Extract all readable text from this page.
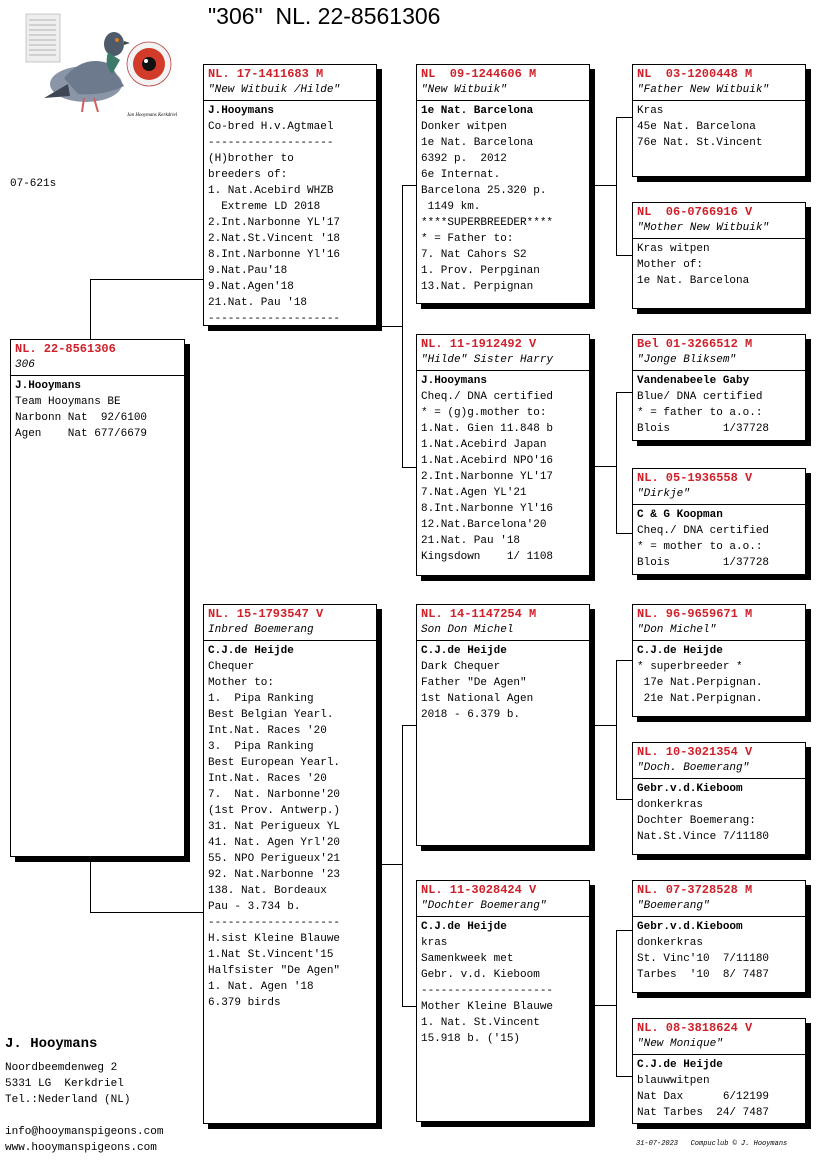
"306"  NL. 22-8561306
07-621s
Jan Hooymans Kerkdriel
NL. 22-8561306
306
J.Hooymans
Team Hooymans BE
Narbonn Nat  92/6100
Agen    Nat 677/6679
NL. 17-1411683 M
"New Witbuik /Hilde"
J.Hooymans
Co-bred H.v.Agtmael
-------------------
(H)brother to
breeders of:
1. Nat.Acebird WHZB
Extreme LD 2018
2.Int.Narbonne YL'17
2.Nat.St.Vincent '18
8.Int.Narbonne Yl'16
9.Nat.Pau'18
9.Nat.Agen'18
21.Nat. Pau '18
--------------------
NL. 15-1793547 V
Inbred Boemerang
C.J.de Heijde
Chequer
Mother to:
1.  Pipa Ranking
Best Belgian Yearl.
Int.Nat. Races '20
3.  Pipa Ranking
Best European Yearl.
Int.Nat. Races '20
7.  Nat. Narbonne'20
(1st Prov. Antwerp.)
31. Nat Perigueux YL
41. Nat. Agen Yrl'20
55. NPO Perigueux'21
92. Nat.Narbonne '23
138. Nat. Bordeaux
Pau - 3.734 b.
--------------------
H.sist Kleine Blauwe
1.Nat St.Vincent'15
Halfsister "De Agen"
1. Nat. Agen '18
6.379 birds
NL  09-1244606 M
"New Witbuik"
1e Nat. Barcelona
Donker witpen
1e Nat. Barcelona
6392 p.  2012
6e Internat.
Barcelona 25.320 p.
1149 km.
****SUPERBREEDER****
* = Father to:
7. Nat Cahors S2
1. Prov. Perpginan
13.Nat. Perpignan
NL. 11-1912492 V
"Hilde" Sister Harry
J.Hooymans
Cheq./ DNA certified
* = (g)g.mother to:
1.Nat. Gien 11.848 b
1.Nat.Acebird Japan
1.Nat.Acebird NPO'16
2.Int.Narbonne YL'17
7.Nat.Agen YL'21
8.Int.Narbonne Yl'16
12.Nat.Barcelona'20
21.Nat. Pau '18
Kingsdown    1/ 1108
NL. 14-1147254 M
Son Don Michel
C.J.de Heijde
Dark Chequer
Father "De Agen"
1st National Agen
2018 - 6.379 b.
NL. 11-3028424 V
"Dochter Boemerang"
C.J.de Heijde
kras
Samenkweek met
Gebr. v.d. Kieboom
--------------------
Mother Kleine Blauwe
1. Nat. St.Vincent
15.918 b. ('15)
NL  03-1200448 M
"Father New Witbuik"
Kras
45e Nat. Barcelona
76e Nat. St.Vincent
NL  06-0766916 V
"Mother New Witbuik"
Kras witpen
Mother of:
1e Nat. Barcelona
Bel 01-3266512 M
"Jonge Bliksem"
Vandenabeele Gaby
Blue/ DNA certified
* = father to a.o.:
Blois        1/37728
NL. 05-1936558 V
"Dirkje"
C & G Koopman
Cheq./ DNA certified
* = mother to a.o.:
Blois        1/37728
NL. 96-9659671 M
"Don Michel"
C.J.de Heijde
* superbreeder *
17e Nat.Perpignan.
21e Nat.Perpignan.
NL. 10-3021354 V
"Doch. Boemerang"
Gebr.v.d.Kieboom
donkerkras
Dochter Boemerang:
Nat.St.Vince 7/11180
NL. 07-3728528 M
"Boemerang"
Gebr.v.d.Kieboom
donkerkras
St. Vinc'10  7/11180
Tarbes  '10  8/ 7487
NL. 08-3818624 V
"New Monique"
C.J.de Heijde
blauwwitpen
Nat Dax      6/12199
Nat Tarbes  24/ 7487
J. Hooymans
Noordbeemdenweg 2
5331 LG  Kerkdriel
Tel.:Nederland (NL)
info@hooymanspigeons.com
www.hooymanspigeons.com	31-07-2023   Compuclub © J. Hooymans
